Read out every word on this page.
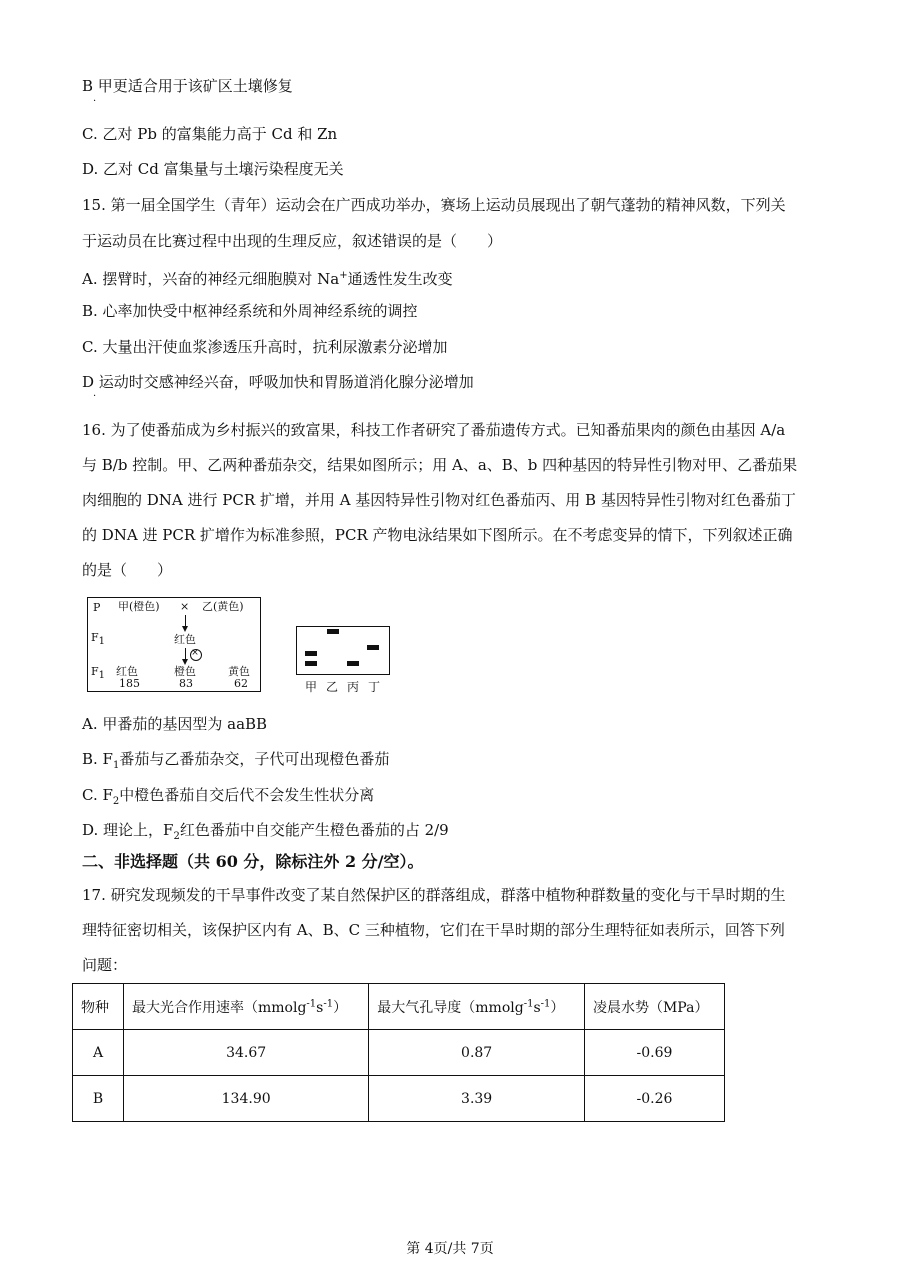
B 甲更适合用于该矿区土壤修复
·
C. 乙对 Pb 的富集能力高于 Cd 和 Zn
D. 乙对 Cd 富集量与土壤污染程度无关
15. 第一届全国学生（青年）运动会在广西成功举办，赛场上运动员展现出了朝气蓬勃的精神风数，下列关
于运动员在比赛过程中出现的生理反应，叙述错误的是（　　）
A. 摆臂时，兴奋的神经元细胞膜对 Na+通透性发生改变
B. 心率加快受中枢神经系统和外周神经系统的调控
C. 大量出汗使血浆渗透压升高时，抗利尿激素分泌增加
D 运动时交感神经兴奋，呼吸加快和胃肠道消化腺分泌增加
·
16. 为了使番茄成为乡村振兴的致富果，科技工作者研究了番茄遗传方式。已知番茄果肉的颜色由基因 A/a
与 B/b 控制。甲、乙两种番茄杂交，结果如图所示；用 A、a、B、b 四种基因的特异性引物对甲、乙番茄果
肉细胞的 DNA 进行 PCR 扩增，并用 A 基因特异性引物对红色番茄丙、用 B 基因特异性引物对红色番茄丁
的 DNA 进 PCR 扩增作为标准参照，PCR 产物电泳结果如下图所示。在不考虑变异的情下，下列叙述正确
的是（　　）
P 甲(橙色) × 乙(黄色)
$F_1$	红色
$F_1$ 红色
185
橙色
83
黄色
62
×
甲 乙 丙 丁
A. 甲番茄的基因型为 aaBB
B. $F_1$番茄与乙番茄杂交，子代可出现橙色番茄
C. $F_2$中橙色番茄自交后代不会发生性状分离
D. 理论上，$F_2$红色番茄中自交能产生橙色番茄的占 2/9
二、非选择题（共 60 分，除标注外 2 分/空）。
17. 研究发现频发的干旱事件改变了某自然保护区的群落组成，群落中植物种群数量的变化与干旱时期的生
理特征密切相关，该保护区内有 A、B、C 三种植物，它们在干旱时期的部分生理特征如表所示，回答下列
问题：
物种	最大光合作用速率$(mmolg^{-1}s^{-1})$	最大气孔导度$(mmolg^{-1}s^{-1})$	凌晨水势（MPa）
A	34.67	0.87	-0.69
B	134.90	3.39	-0.26
第 4页/共 7页
